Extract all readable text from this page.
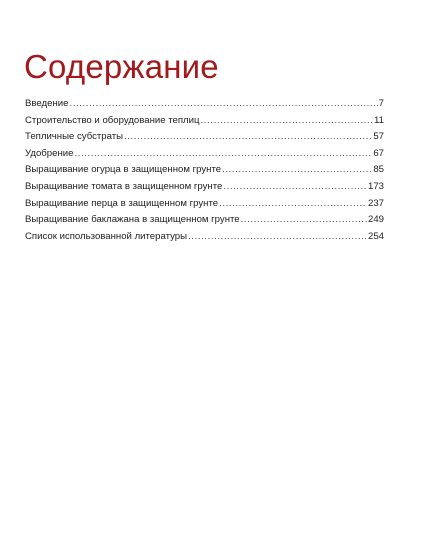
Содержание
Введение .....	7
Строительство и оборудование теплиц .....	11
Тепличные субстраты .....	57
Удобрение .....	67
Выращивание огурца в защищенном грунте .....	85
Выращивание томата в защищенном грунте .....	173
Выращивание перца в защищенном грунте .....	237
Выращивание баклажана в защищенном грунте .....	249
Список использованной литературы .....	254
